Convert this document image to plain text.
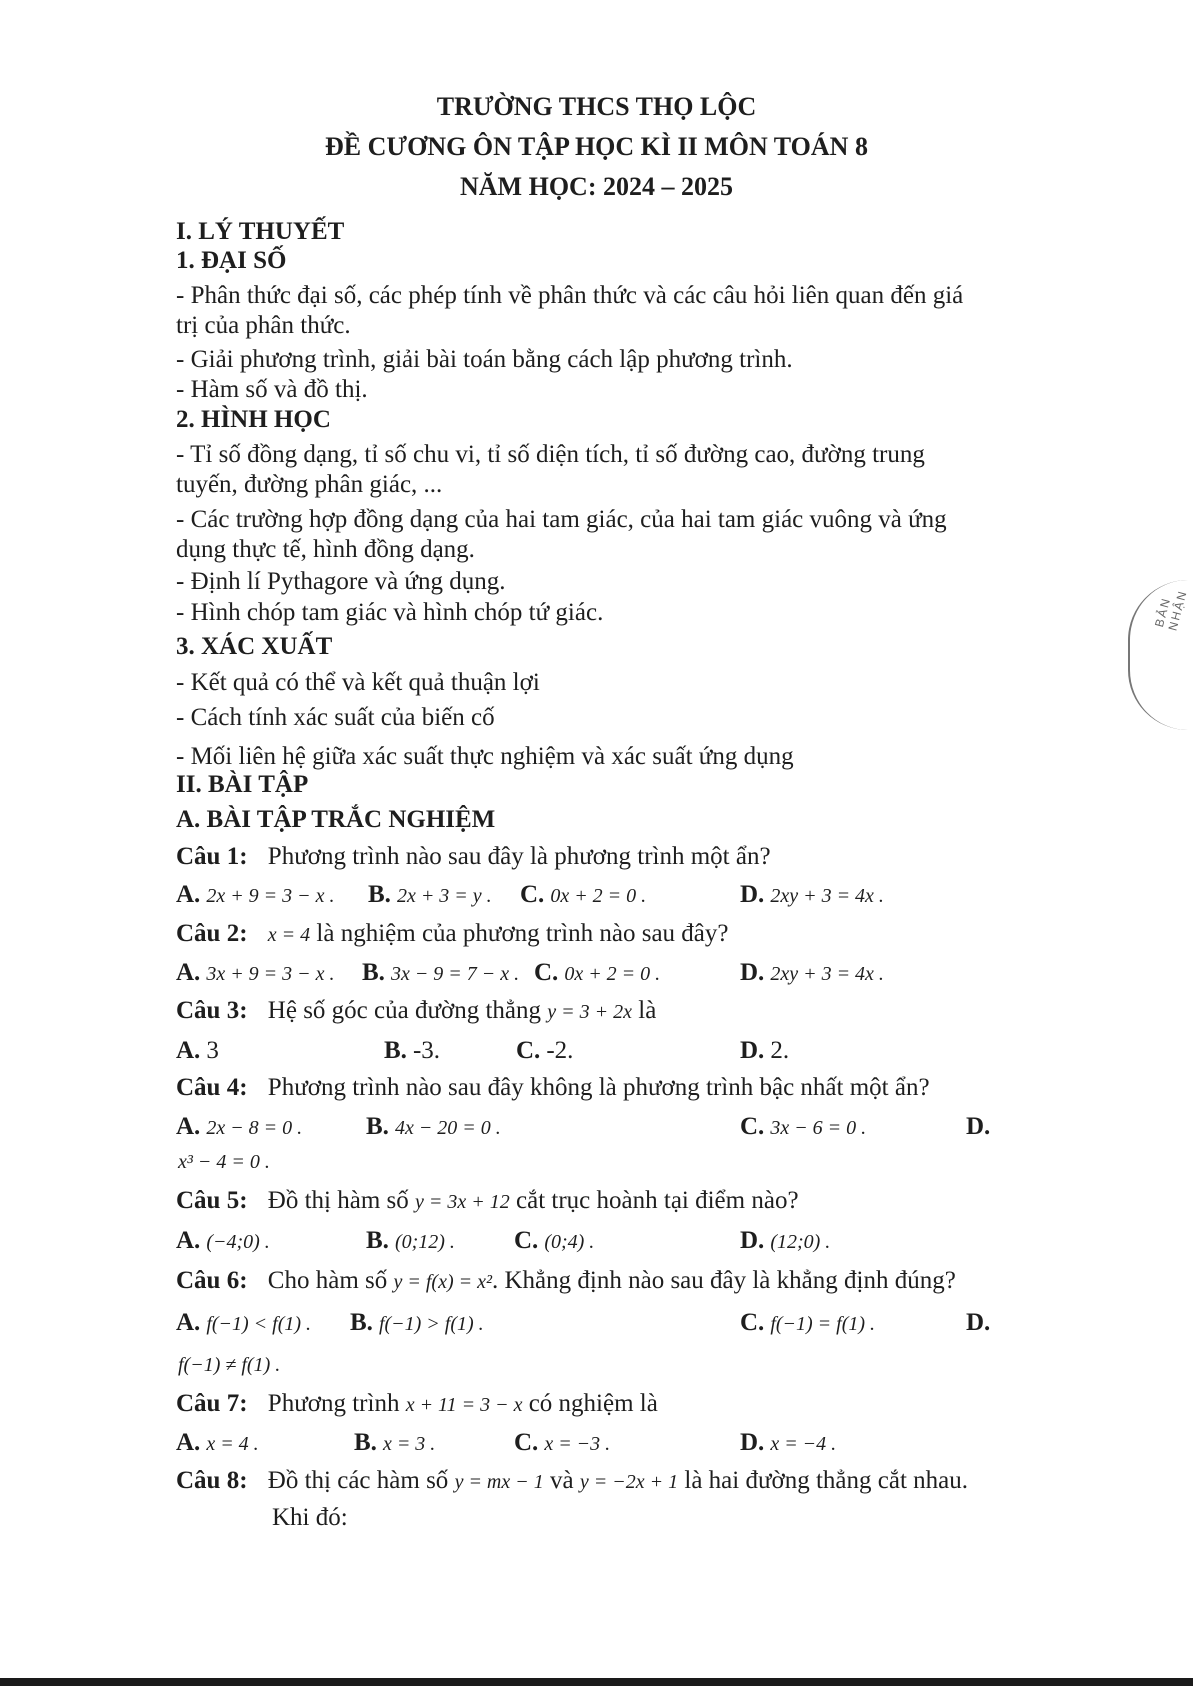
TRƯỜNG THCS THỌ LỘC
ĐỀ CƯƠNG ÔN TẬP HỌC KÌ II MÔN TOÁN 8
NĂM HỌC: 2024 – 2025
I. LÝ THUYẾT
1. ĐẠI SỐ
- Phân thức đại số, các phép tính về phân thức và các câu hỏi liên quan đến giá
trị của phân thức.
- Giải phương trình, giải bài toán bằng cách lập phương trình.
- Hàm số và đồ thị.
2. HÌNH HỌC
- Tỉ số đồng dạng, tỉ số chu vi, tỉ số diện tích, tỉ số đường cao, đường trung
tuyến, đường phân giác, ...
- Các trường hợp đồng dạng của hai tam giác, của hai tam giác vuông và ứng
dụng thực tế, hình đồng dạng.
- Định lí Pythagore và ứng dụng.
- Hình chóp tam giác và hình chóp tứ giác.
3. XÁC XUẤT
- Kết quả có thể và kết quả thuận lợi
- Cách tính xác suất của biến cố
- Mối liên hệ giữa xác suất thực nghiệm và xác suất ứng dụng
II. BÀI TẬP
A. BÀI TẬP TRẮC NGHIỆM
Câu 1: Phương trình nào sau đây là phương trình một ẩn?
A. 2x + 9 = 3 − x . B. 2x + 3 = y . C. 0x + 2 = 0 .	D. 2xy + 3 = 4x .
Câu 2: x = 4 là nghiệm của phương trình nào sau đây?
A. 3x + 9 = 3 − x . B. 3x − 9 = 7 − x . C. 0x + 2 = 0 .	D. 2xy + 3 = 4x .
Câu 3: Hệ số góc của đường thẳng y = 3 + 2x là
A. 3	B. -3.	C. -2.	D. 2.
Câu 4: Phương trình nào sau đây không là phương trình bậc nhất một ẩn?
A. 2x − 8 = 0 .	B. 4x − 20 = 0 .	C. 3x − 6 = 0 .	D.
x³ − 4 = 0 .
Câu 5: Đồ thị hàm số y = 3x + 12 cắt trục hoành tại điểm nào?
A. (−4;0) .	B. (0;12) . C. (0;4) .	D. (12;0) .
Câu 6: Cho hàm số y = f(x) = x². Khẳng định nào sau đây là khẳng định đúng?
A. f(−1) < f(1) . B. f(−1) > f(1) .	C. f(−1) = f(1) .	D.
f(−1) ≠ f(1) .
Câu 7: Phương trình x + 11 = 3 − x có nghiệm là
A. x = 4 .	B. x = 3 .	C. x = −3 .	D. x = −4 .
Câu 8: Đồ thị các hàm số y = mx − 1 và y = −2x + 1 là hai đường thẳng cắt nhau.
Khi đó:
BẢN NHẬN
